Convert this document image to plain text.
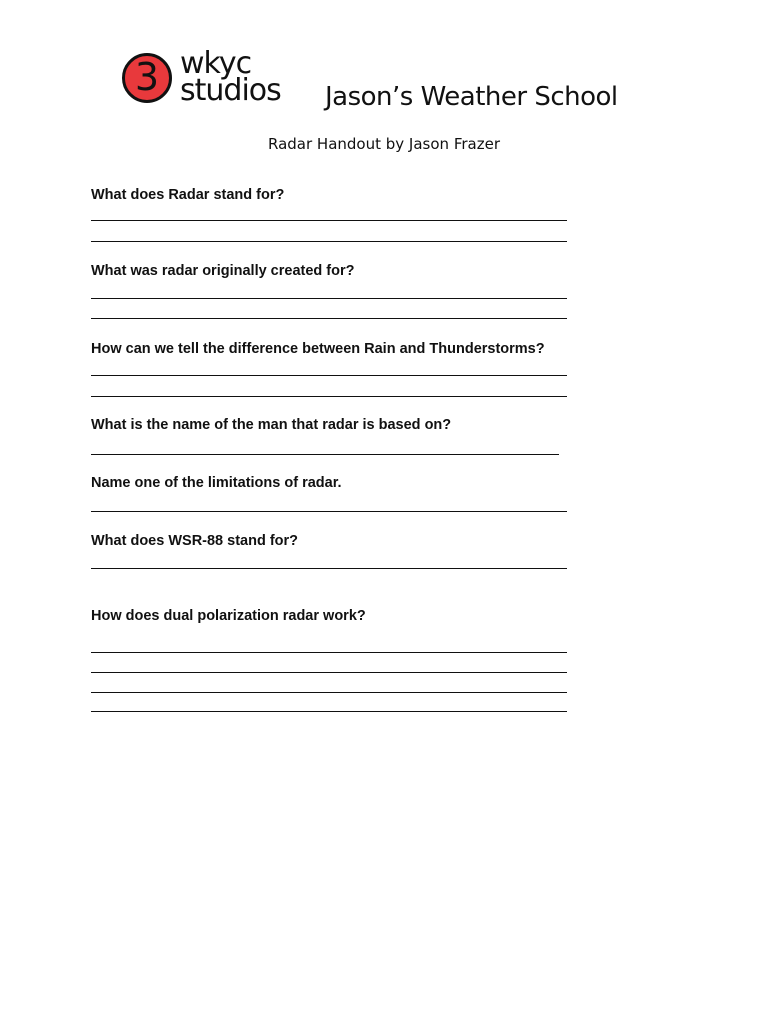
3 wkyc
studios Jason’s Weather School
Radar Handout by Jason Frazer
What does Radar stand for?
What was radar originally created for?
How can we tell the difference between Rain and Thunderstorms?
What is the name of the man that radar is based on?
Name one of the limitations of radar.
What does WSR-88 stand for?
How does dual polarization radar work?
